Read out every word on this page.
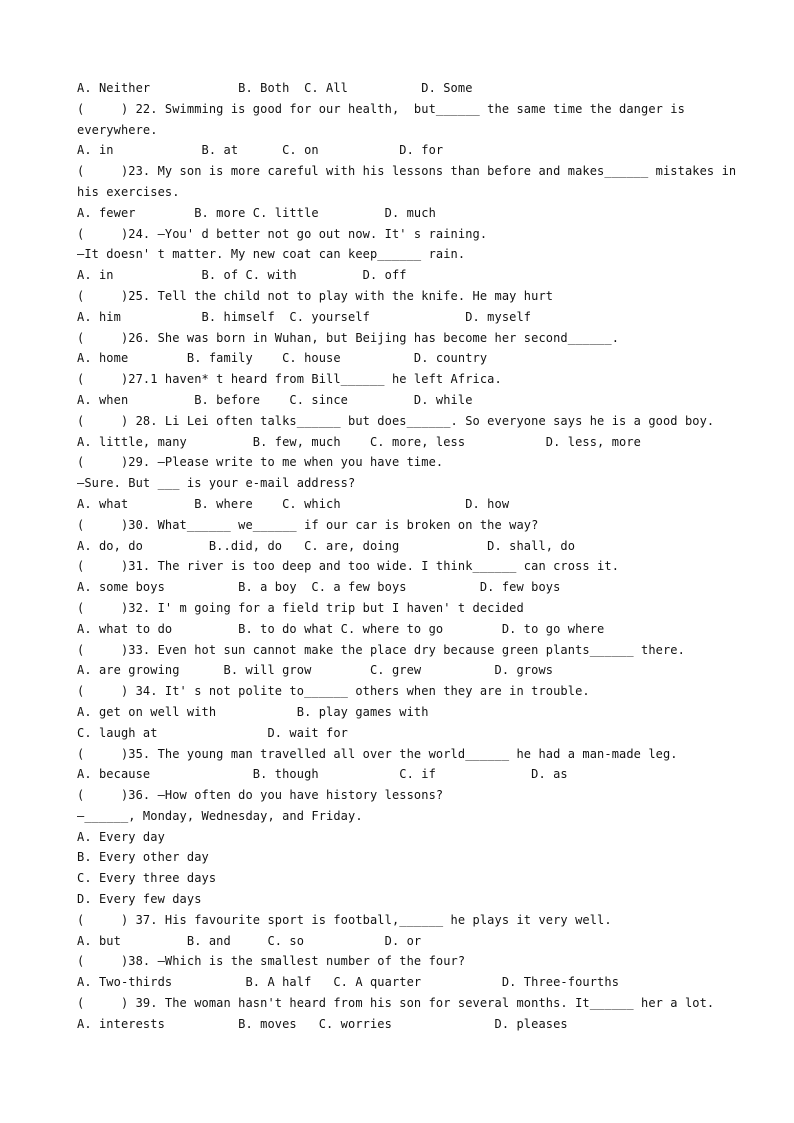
A. Neither            B. Both  C. All          D. Some
(     ) 22. Swimming is good for our health,  but______ the same time the danger is
everywhere.
A. in            B. at      C. on           D. for
(     )23. My son is more careful with his lessons than before and makes______ mistakes in
his exercises.
A. fewer        B. more C. little         D. much
(     )24. —You' d better not go out now. It' s raining.
—It doesn' t matter. My new coat can keep______ rain.
A. in            B. of C. with         D. off
(     )25. Tell the child not to play with the knife. He may hurt
A. him           B. himself  C. yourself             D. myself
(     )26. She was born in Wuhan, but Beijing has become her second______.
A. home        B. family    C. house          D. country
(     )27.1 haven* t heard from Bill______ he left Africa.
A. when         B. before    C. since         D. while
(     ) 28. Li Lei often talks______ but does______. So everyone says he is a good boy.
A. little, many         B. few, much    C. more, less           D. less, more
(     )29. —Please write to me when you have time.
—Sure. But ___ is your e-mail address?
A. what         B. where    C. which                 D. how
(     )30. What______ we______ if our car is broken on the way?
A. do, do         B..did, do   C. are, doing            D. shall, do
(     )31. The river is too deep and too wide. I think______ can cross it.
A. some boys          B. a boy  C. a few boys          D. few boys
(     )32. I' m going for a field trip but I haven' t decided
A. what to do         B. to do what C. where to go        D. to go where
(     )33. Even hot sun cannot make the place dry because green plants______ there.
A. are growing      B. will grow        C. grew          D. grows
(     ) 34. It' s not polite to______ others when they are in trouble.
A. get on well with           B. play games with
C. laugh at               D. wait for
(     )35. The young man travelled all over the world______ he had a man-made leg.
A. because              B. though           C. if             D. as
(     )36. —How often do you have history lessons?
—______, Monday, Wednesday, and Friday.
A. Every day
B. Every other day
C. Every three days
D. Every few days
(     ) 37. His favourite sport is football,______ he plays it very well.
A. but         B. and     C. so           D. or
(     )38. —Which is the smallest number of the four?
A. Two-thirds          B. A half   C. A quarter           D. Three-fourths
(     ) 39. The woman hasn't heard from his son for several months. It______ her a lot.
A. interests          B. moves   C. worries              D. pleases
